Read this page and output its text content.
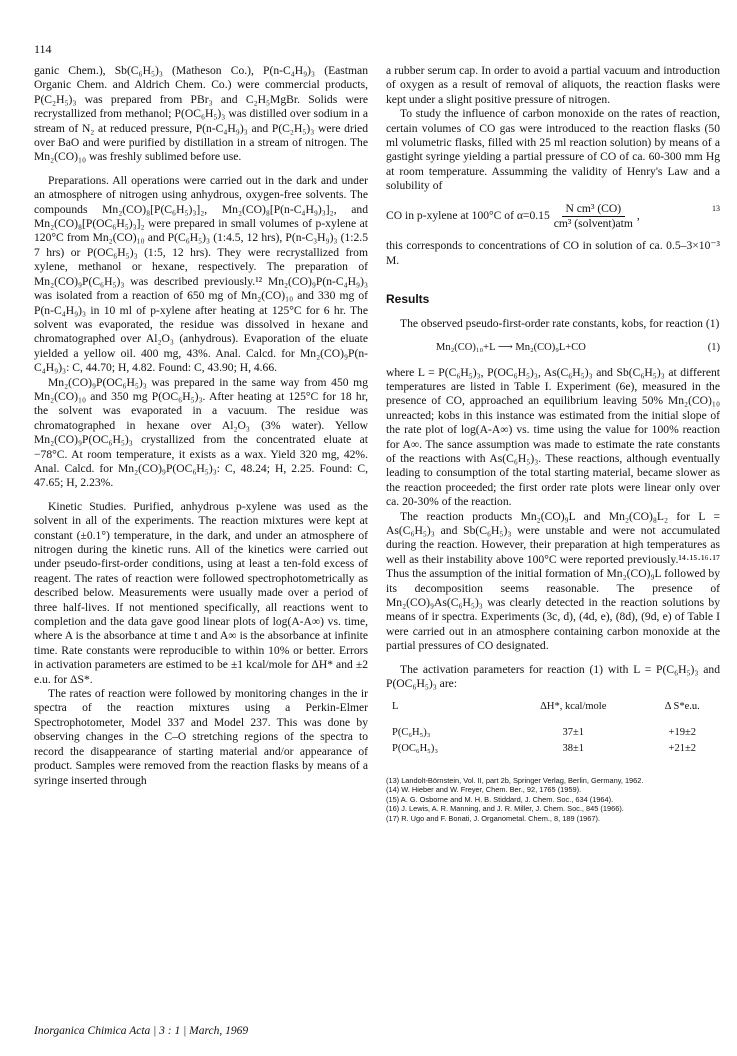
114

ganic Chem.), Sb(C₆H₅)₃ (Matheson Co.), P(n-C₄H₉)₃ (Eastman Organic Chem. and Aldrich Chem. Co.) were commercial products, P(C₂H₅)₃ was prepared from PBr₃ and C₂H₅MgBr. Solids were recrystallized from methanol; P(OC₆H₅)₃ was distilled over sodium in a stream of N₂ at reduced pressure, P(n-C₄H₉)₃ and P(C₂H₅)₃ were dried over BaO and were purified by distillation in a stream of nitrogen. The Mn₂(CO)₁₀ was freshly sublimed before use.

Preparations. All operations were carried out in the dark and under an atmosphere of nitrogen using anhydrous, oxygen-free solvents. The compounds Mn₂(CO)₈[P(C₆H₅)₃]₂, Mn₂(CO)₈[P(n-C₄H₉)₃]₂, and Mn₂(CO)₈[P(OC₆H₅)₃]₂ were prepared in small volumes of p-xylene at 120°C from Mn₂(CO)₁₀ and P(C₆H₅)₃ (1:4.5, 12 hrs), P(n-C₃H₉)₃ (1:2.5 7 hrs) or P(OC₆H₅)₃ (1:5, 12 hrs). They were recrystallized from xylene, methanol or hexane, respectively. The preparation of Mn₂(CO)₉P(C₆H₅)₃ was described previously.¹² Mn₂(CO)₉P(n-C₄H₉)₃ was isolated from a reaction of 650 mg of Mn₂(CO)₁₀ and 330 mg of P(n-C₄H₉)₃ in 10 ml of p-xylene after heating at 125°C for 6 hr. The solvent was evaporated, the residue was dissolved in hexane and chromatographed over Al₂O₃ (anhydrous). Evaporation of the eluate yielded a yellow oil. 400 mg, 43%. Anal. Calcd. for Mn₂(CO)₉P(n-C₄H₉)₃: C, 44.70; H, 4.82. Found: C, 43.90; H, 4.66.

Mn₂(CO)₉P(OC₆H₅)₃ was prepared in the same way from 450 mg Mn₂(CO)₁₀ and 350 mg P(OC₆H₅)₃. After heating at 125°C for 18 hr, the solvent was evaporated in a vacuum. The residue was chromatographed in hexane over Al₂O₃ (3% water). Yellow Mn₂(CO)₉P(OC₆H₅)₃ crystallized from the concentrated eluate at −78°C. At room temperature, it exists as a wax. Yield 320 mg, 42%. Anal. Calcd. for Mn₂(CO)₉P(OC₆H₅)₃: C, 48.24; H, 2.25. Found: C, 47.65; H, 2.23%.

Kinetic Studies. Purified, anhydrous p-xylene was used as the solvent in all of the experiments. The reaction mixtures were kept at constant (±0.1°) temperature, in the dark, and under an atmosphere of nitrogen during the kinetic runs. All of the kinetics were carried out under pseudo-first-order conditions, using at least a ten-fold excess of reagent. The rates of reaction were followed spectrophotometrically as described below. Measurements were usually made over a period of three half-lives. If not mentioned specifically, all reactions went to completion and the data gave good linear plots of log(A-A∞) vs. time, where A is the absorbance at time t and A∞ is the absorbance at infinite time. Rate constants were reproducible to within 10% or better. Errors in activation parameters are estimed to be ±1 kcal/mole for ΔH* and ±2 e.u. for ΔS*.

The rates of reaction were followed by monitoring changes in the ir spectra of the reaction mixtures using a Perkin-Elmer Spectrophotometer, Model 337 and Model 237. This was done by observing changes in the C–O stretching regions of the spectra to record the disappearance of starting material and/or appearance of product. Samples were removed from the reaction flasks by means of a syringe inserted through

a rubber serum cap. In order to avoid a partial vacuum and introduction of oxygen as a result of removal of aliquots, the reaction flasks were kept under a slight positive pressure of nitrogen.

To study the influence of carbon monoxide on the rates of reaction, certain volumes of CO gas were introduced to the reaction flasks (50 ml volumetric flasks, filled with 25 ml reaction solution) by means of a gastight syringe yielding a partial pressure of CO of ca. 60-300 mm Hg at room temperature. Assumming the validity of Henry's Law and a solubility of

CO in p-xylene at 100°C of $\alpha=0.15 \frac{\text{N cm³ (CO)}}{\text{cm³ (solvent)atm}}$ ,
13

this corresponds to concentrations of CO in solution of ca. 0.5–3×10⁻³ M.

Results

The observed pseudo-first-order rate constants, kobs, for reaction (1)

Mn₂(CO)₁₀+L ⟶ Mn₂(CO)₉L+CO	(1)

where L = P(C₆H₅)₃, P(OC₆H₅)₃, As(C₆H₅)₃ and Sb(C₆H₅)₃ at different temperatures are listed in Table I. Experiment (6e), measured in the presence of CO, approached an equilibrium leaving 50% Mn₂(CO)₁₀ unreacted; kobs in this instance was estimated from the initial slope of the rate plot of log(A-A∞) vs. time using the value for 100% reaction for A∞. The sance assumption was made to estimate the rate constants of the reactions with As(C₆H₅)₃. These reactions, although eventually leading to consumption of the total starting material, became slower as the reaction proceeded; the first order rate plots were linear only over ca. 20-30% of the reaction.

The reaction products Mn₂(CO)₉L and Mn₂(CO)₈L₂ for L = As(C₆H₅)₃ and Sb(C₆H₅)₃ were unstable and were not accumulated during the reaction. However, their preparation at high temperatures as well as their instability above 100°C were reported previously.¹⁴·¹⁵·¹⁶·¹⁷ Thus the assumption of the initial formation of Mn₂(CO)₉L followed by its decomposition seems reasonable. The presence of Mn₂(CO)₉As(C₆H₅)₃ was clearly detected in the reaction solutions by means of ir spectra. Experiments (3c, d), (4d, e), (8d), (9d, e) of Table I were carried out in an atmosphere containing carbon monoxide at the partial pressures of CO designated.

The activation parameters for reaction (1) with L = P(C₆H₅)₃ and P(OC₆H₅)₃ are:

L	ΔH*, kcal/mole	Δ S*e.u.
P(C₆H₅)₃	37±1	+19±2
P(OC₆H₅)₃	38±1	+21±2
(13) Landolt-Börnstein, Vol. II, part 2b, Springer Verlag, Berlin, Germany, 1962.
(14) W. Hieber and W. Freyer, Chem. Ber., 92, 1765 (1959).
(15) A. G. Osborne and M. H. B. Stiddard, J. Chem. Soc., 634 (1964).
(16) J. Lewis, A. R. Manning, and J. R. Miller, J. Chem. Soc., 845 (1966).
(17) R. Ugo and F. Bonati, J. Organometal. Chem., 8, 189 (1967).
Inorganica Chimica Acta | 3 : 1 | March, 1969
